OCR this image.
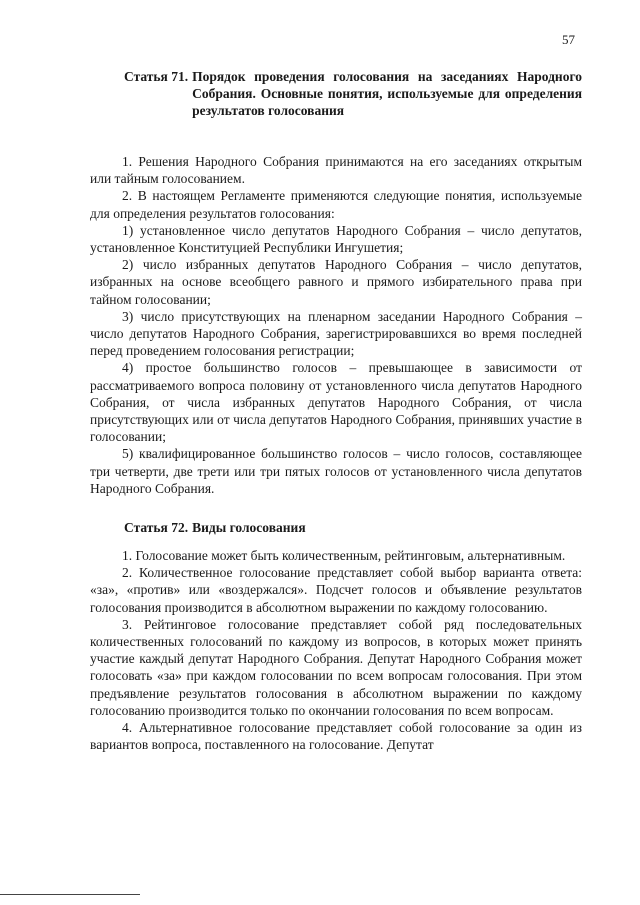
57
Статья 71. Порядок проведения голосования на заседаниях Народного Собрания. Основные понятия, используемые для определения результатов голосования

1. Решения Народного Собрания принимаются на его заседаниях открытым или тайным голосованием.

2. В настоящем Регламенте применяются следующие понятия, используемые для определения результатов голосования:

1) установленное число депутатов Народного Собрания – число депутатов, установленное Конституцией Республики Ингушетия;

2) число избранных депутатов Народного Собрания – число депутатов, избранных на основе всеобщего равного и прямого избирательного права при тайном голосовании;

3) число присутствующих на пленарном заседании Народного Собрания – число депутатов Народного Собрания, зарегистрировавшихся во время последней перед проведением голосования регистрации;

4) простое большинство голосов – превышающее в зависимости от рассматриваемого вопроса половину от установленного числа депутатов Народного Собрания, от числа избранных депутатов Народного Собрания, от числа присутствующих или от числа депутатов Народного Собрания, принявших участие в голосовании;

5) квалифицированное большинство голосов – число голосов, составляющее три четверти, две трети или три пятых голосов от установленного числа депутатов Народного Собрания.

Статья 72. Виды голосования

1. Голосование может быть количественным, рейтинговым, альтернативным.

2. Количественное голосование представляет собой выбор варианта ответа: «за», «против» или «воздержался». Подсчет голосов и объявление результатов голосования производится в абсолютном выражении по каждому голосованию.

3. Рейтинговое голосование представляет собой ряд последовательных количественных голосований по каждому из вопросов, в которых может принять участие каждый депутат Народного Собрания. Депутат Народного Собрания может голосовать «за» при каждом голосовании по всем вопросам голосования. При этом предъявление результатов голосования в абсолютном выражении по каждому голосованию производится только по окончании голосования по всем вопросам.

4. Альтернативное голосование представляет собой голосование за один из вариантов вопроса, поставленного на голосование. Депутат
